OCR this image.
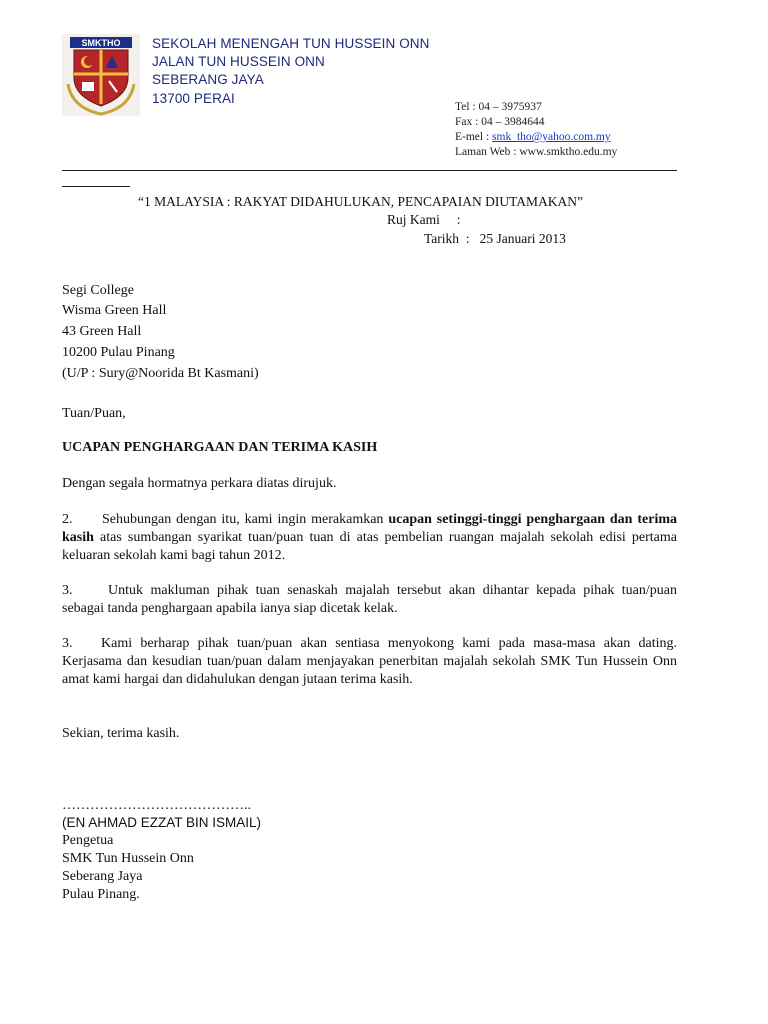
SMKTHO SEKOLAH MENENGAH TUN HUSSEIN ONN
JALAN TUN HUSSEIN ONN
SEBERANG JAYA
13700 PERAI
Tel : 04 – 3975937
Fax : 04 – 3984644
E-mel : smk_tho@yahoo.com.my
Laman Web : www.smktho.edu.my
“1 MALAYSIA : RAKYAT DIDAHULUKAN, PENCAPAIAN DIUTAMAKAN”
Ruj Kami     :
Tarikh  :   25 Januari 2013
Segi College
Wisma Green Hall
43 Green Hall
10200 Pulau Pinang
(U/P : Sury@Noorida Bt Kasmani)
Tuan/Puan,
UCAPAN PENGHARGAAN DAN TERIMA KASIH
Dengan segala hormatnya perkara diatas dirujuk.
2. Sehubungan dengan itu, kami ingin merakamkan ucapan setinggi-tinggi penghargaan dan terima kasih atas sumbangan syarikat tuan/puan tuan di atas pembelian ruangan majalah sekolah edisi pertama keluaran sekolah kami bagi tahun 2012.
3.	Untuk makluman pihak tuan senaskah majalah tersebut akan dihantar kepada pihak tuan/puan sebagai tanda penghargaan apabila ianya siap dicetak kelak.
3. Kami berharap pihak tuan/puan akan sentiasa menyokong kami pada masa-masa akan dating. Kerjasama dan kesudian tuan/puan dalam menjayakan penerbitan majalah sekolah SMK Tun Hussein Onn amat kami hargai dan didahulukan dengan jutaan terima kasih.
Sekian, terima kasih.
…………………………………..
(EN AHMAD EZZAT BIN ISMAIL)
Pengetua
SMK Tun Hussein Onn
Seberang Jaya
Pulau Pinang.
